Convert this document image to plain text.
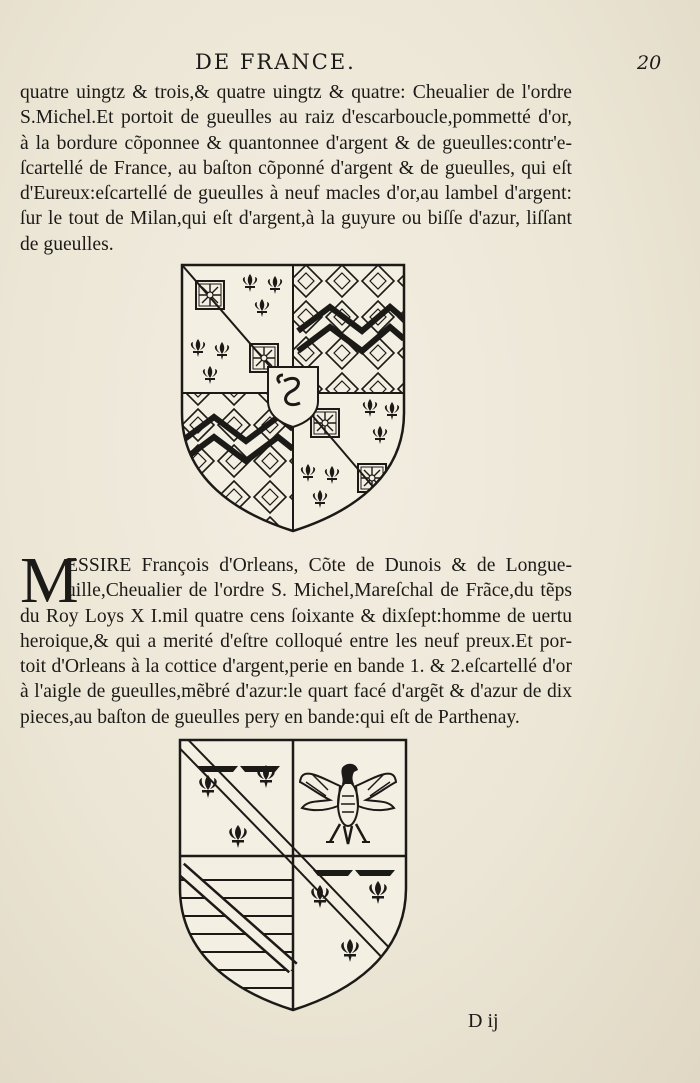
DE FRANCE.	20
quatre uingtz & trois,& quatre uingtz & quatre: Cheualier de l'ordre
S.Michel.Et portoit de gueulles au raiz d'escarboucle,pommetté d'or,
à la bordure cõponnee & quantonnee d'argent & de gueulles:contr'e-
ſcartellé de France, au baſton cõponné d'argent & de gueulles, qui eſt
d'Eureux:eſcartellé de gueulles à neuf macles d'or,au lambel d'argent:
ſur le tout de Milan,qui eſt d'argent,à la guyure ou biſſe d'azur, liſſant
de gueulles.
M
ESSIRE François d'Orleans, Cõte de Dunois & de Longue-
uille,Cheualier de l'ordre S. Michel,Mareſchal de Frãce,du tẽps
du Roy Loys X I.mil quatre cens ſoixante & dixſept:homme de uertu
heroique,& qui a merité d'eſtre colloqué entre les neuf preux.Et por-
toit d'Orleans à la cottice d'argent,perie en bande 1. & 2.eſcartellé d'or
à l'aigle de gueulles,mẽbré d'azur:le quart facé d'argẽt & d'azur de dix
pieces,au baſton de gueulles pery en bande:qui eſt de Parthenay.
D ij
